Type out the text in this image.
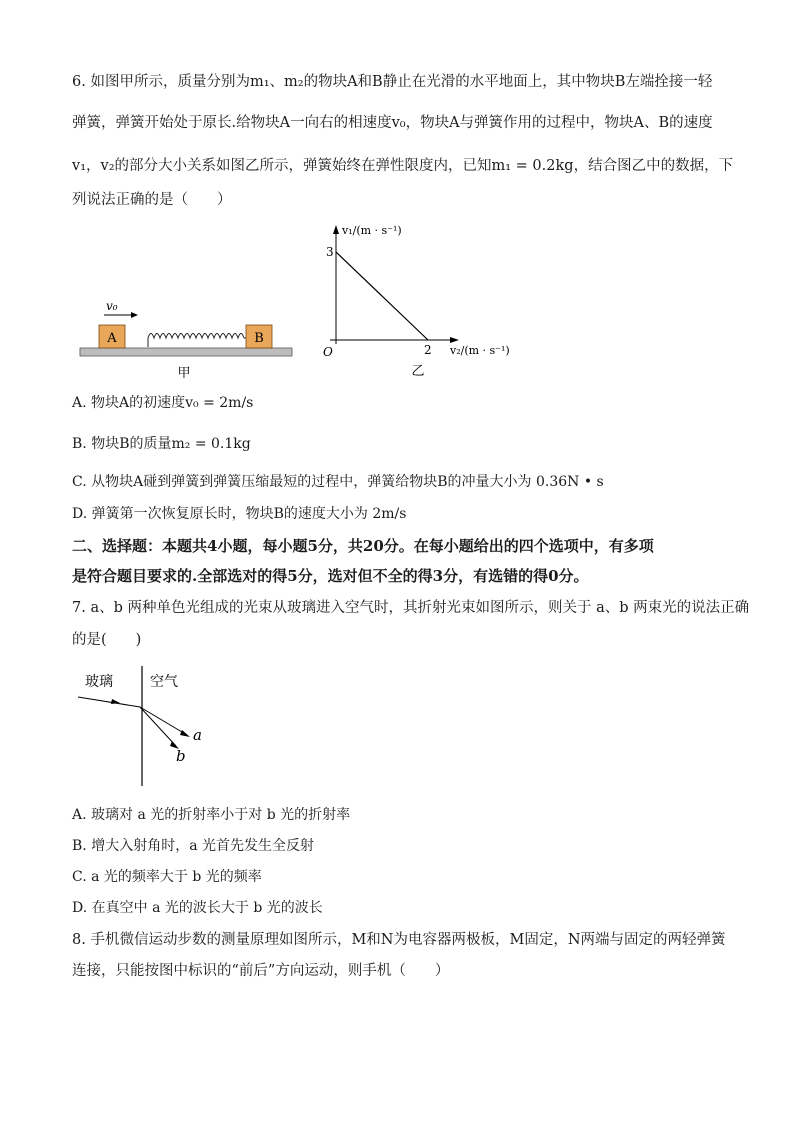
6. 如图甲所示，质量分别为m₁、m₂的物块A和B静止在光滑的水平地面上，其中物块B左端拴接一轻
弹簧，弹簧开始处于原长.给物块A一向右的相速度v₀，物块A与弹簧作用的过程中，物块A、B的速度
v₁，v₂的部分大小关系如图乙所示，弹簧始终在弹性限度内，已知m₁ = 0.2kg，结合图乙中的数据，下
列说法正确的是（　　）
v₀
A	B
甲
v₁/(m · s⁻¹)
v₂/(m · s⁻¹)
O
3
2
乙
A. 物块A的初速度v₀ = 2m/s
B. 物块B的质量m₂ = 0.1kg
C. 从物块A碰到弹簧到弹簧压缩最短的过程中，弹簧给物块B的冲量大小为 0.36N • s
D. 弹簧第一次恢复原长时，物块B的速度大小为 2m/s
二、选择题：本题共4小题，每小题5分，共20分。在每小题给出的四个选项中，有多项
是符合题目要求的.全部选对的得5分，选对但不全的得3分，有选错的得0分。
7. a、b 两种单色光组成的光束从玻璃进入空气时，其折射光束如图所示，则关于 a、b 两束光的说法正确
的是(　　)
玻璃	空气
a
b
A. 玻璃对 a 光的折射率小于对 b 光的折射率
B. 增大入射角时，a 光首先发生全反射
C. a 光的频率大于 b 光的频率
D. 在真空中 a 光的波长大于 b 光的波长
8. 手机微信运动步数的测量原理如图所示，M和N为电容器两极板，M固定，N两端与固定的两轻弹簧
连接，只能按图中标识的“前后”方向运动，则手机（　　）
